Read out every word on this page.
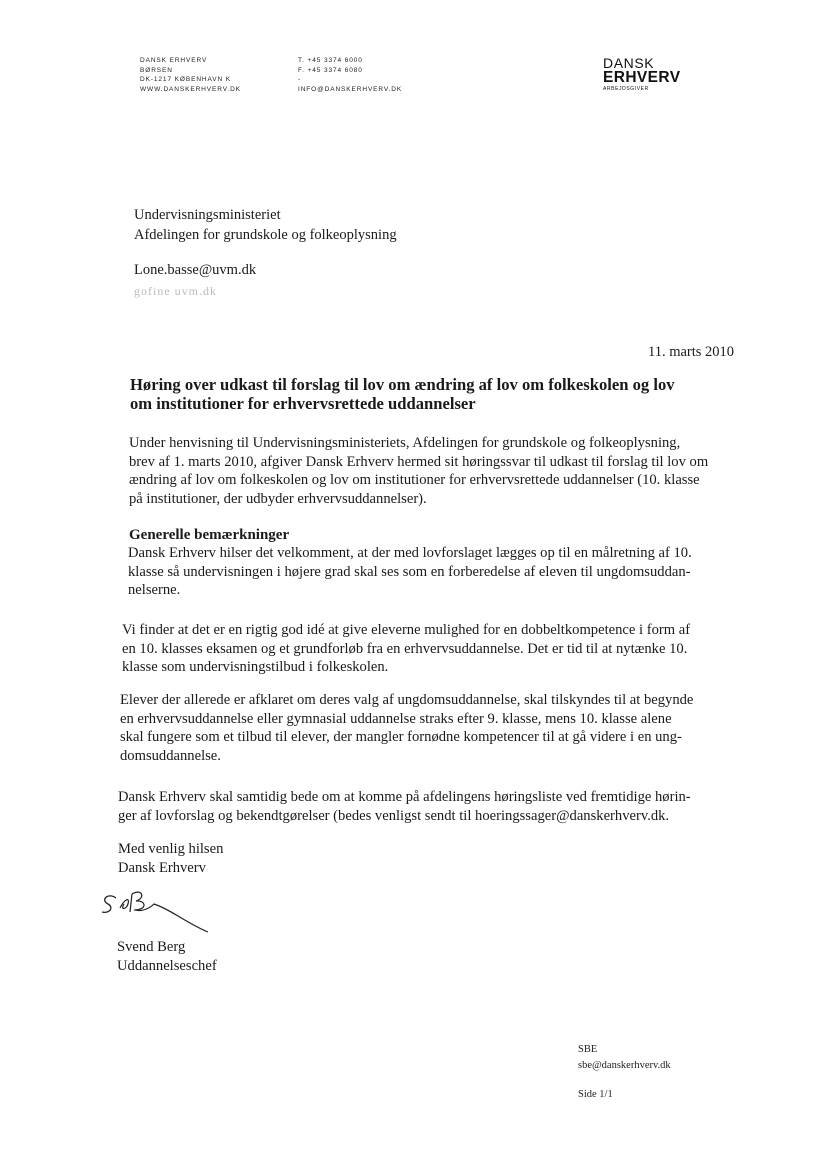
DANSK ERHVERV
BØRSEN
DK-1217 KØBENHAVN K
WWW.DANSKERHVERV.DK
T. +45 3374 6000
F. +45 3374 6080
-
INFO@DANSKERHVERV.DK
DANSK
ERHVERV
ARBEJDSGIVER
Undervisningsministeriet
Afdelingen for grundskole og folkeoplysning
Lone.basse@uvm.dk
gofine uvm.dk
11. marts 2010
Høring over udkast til forslag til lov om ændring af lov om folkeskolen og lov
om institutioner for erhvervsrettede uddannelser
Under henvisning til Undervisningsministeriets, Afdelingen for grundskole og folkeoplysning,
brev af 1. marts 2010, afgiver Dansk Erhverv hermed sit høringssvar til udkast til forslag til lov om
ændring af lov om folkeskolen og lov om institutioner for erhvervsrettede uddannelser (10. klasse
på institutioner, der udbyder erhvervsuddannelser).
Generelle bemærkninger
Dansk Erhverv hilser det velkomment, at der med lovforslaget lægges op til en målretning af 10.
klasse så undervisningen i højere grad skal ses som en forberedelse af eleven til ungdomsuddan-
nelserne.
Vi finder at det er en rigtig god idé at give eleverne mulighed for en dobbeltkompetence i form af
en 10. klasses eksamen og et grundforløb fra en erhvervsuddannelse. Det er tid til at nytænke 10.
klasse som undervisningstilbud i folkeskolen.
Elever der allerede er afklaret om deres valg af ungdomsuddannelse, skal tilskyndes til at begynde
en erhvervsuddannelse eller gymnasial uddannelse straks efter 9. klasse, mens 10. klasse alene
skal fungere som et tilbud til elever, der mangler fornødne kompetencer til at gå videre i en ung-
domsuddannelse.
Dansk Erhverv skal samtidig bede om at komme på afdelingens høringsliste ved fremtidige hørin-
ger af lovforslag og bekendtgørelser (bedes venligst sendt til hoeringssager@danskerhverv.dk.
Med venlig hilsen
Dansk Erhverv
Svend Berg
Uddannelseschef
SBE
sbe@danskerhverv.dk
Side 1/1
